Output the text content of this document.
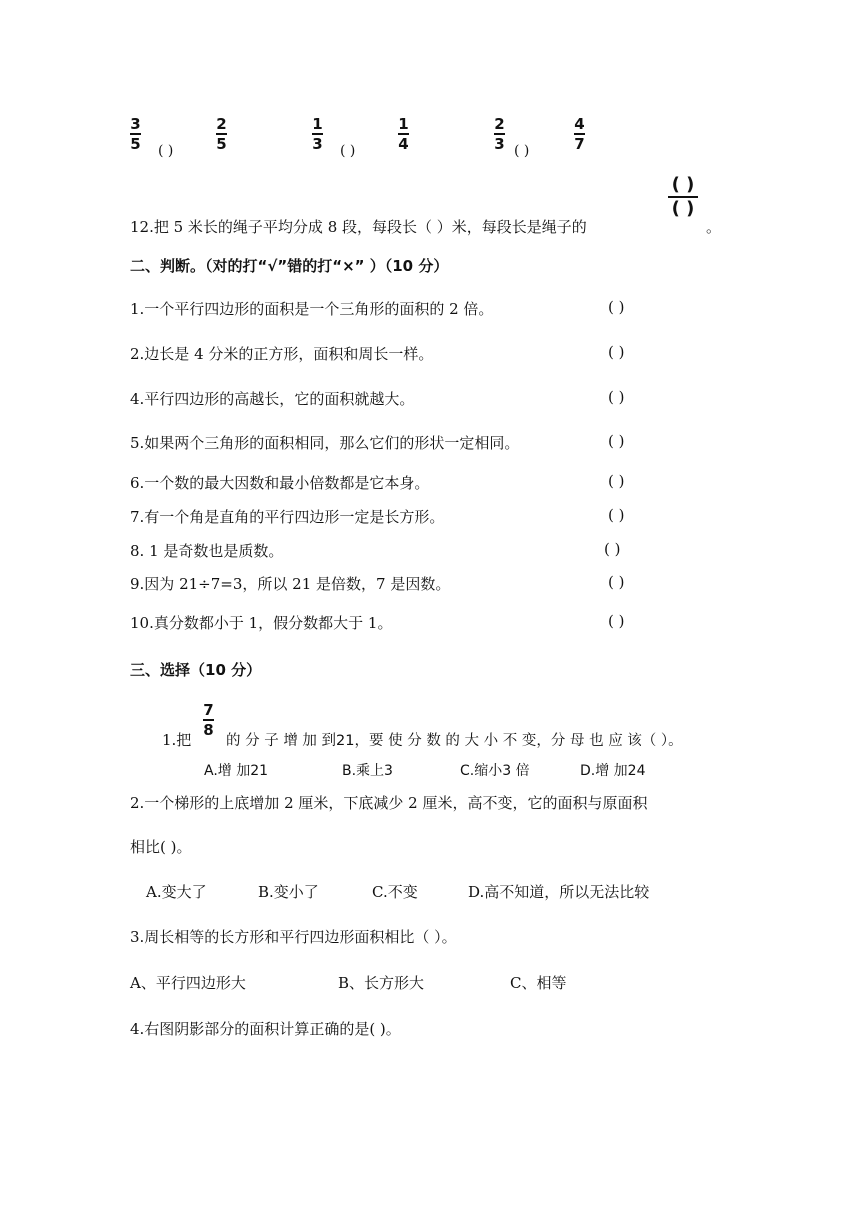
3
5 ( )
2
5
1
3 ( )
1
4
2
3 ( )
4
7
12.把 5 米长的绳子平均分成 8 段，每段长（ ）米，每段长是绳子的
( )
( )
。
二、判断。（对的打“√”错的打“×” ）（10 分）
1.一个平行四边形的面积是一个三角形的面积的 2 倍。	( )
2.边长是 4 分米的正方形，面积和周长一样。	( )
4.平行四边形的高越长，它的面积就越大。	( )
5.如果两个三角形的面积相同，那么它们的形状一定相同。	( )
6.一个数的最大因数和最小倍数都是它本身。	( )
7.有一个角是直角的平行四边形一定是长方形。	( )
8. 1 是奇数也是质数。	( )
9.因为 21÷7=3，所以 21 是倍数，7 是因数。	( )
10.真分数都小于 1，假分数都大于 1。	( )
三、选择（10 分）
1.把
7
8
的 分 子 增 加 到21，要 使 分 数 的 大 小 不 变，分 母 也 应 该（ ）。
A.增 加21	B.乘上3	C.缩小3 倍	D.增 加24
2.一个梯形的上底增加 2 厘米，下底减少 2 厘米，高不变，它的面积与原面积
相比( )。
A.变大了	B.变小了	C.不变	D.高不知道，所以无法比较
3.周长相等的长方形和平行四边形面积相比（ ）。
A、平行四边形大	B、长方形大	C、相等
4.右图阴影部分的面积计算正确的是( )。
